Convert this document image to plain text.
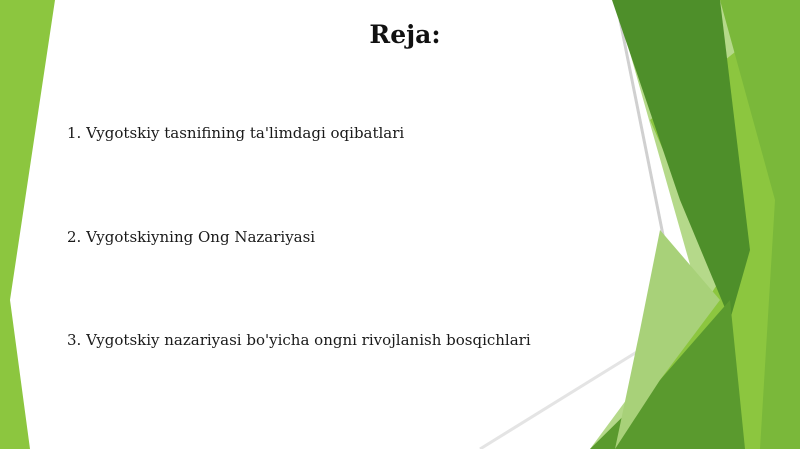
Reja:
1. Vygotskiy tasnifining ta'limdagi oqibatlari
2. Vygotskiyning Ong Nazariyasi
3. Vygotskiy nazariyasi bo'yicha ongni rivojlanish bosqichlari
